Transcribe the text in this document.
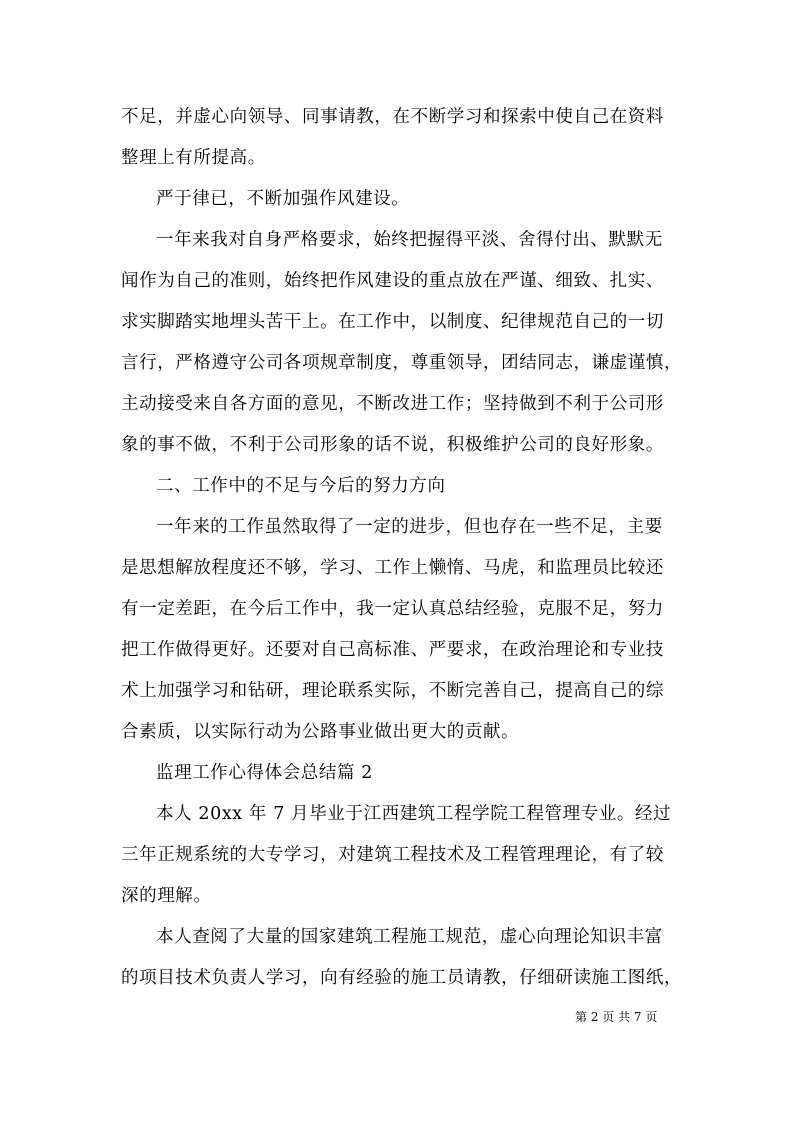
不足，并虚心向领导、同事请教，在不断学习和探索中使自己在资料
整理上有所提高。
严于律已，不断加强作风建设。
一年来我对自身严格要求，始终把握得平淡、舍得付出、默默无
闻作为自己的准则，始终把作风建设的重点放在严谨、细致、扎实、
求实脚踏实地埋头苦干上。在工作中，以制度、纪律规范自己的一切
言行，严格遵守公司各项规章制度，尊重领导，团结同志，谦虚谨慎，
主动接受来自各方面的意见，不断改进工作；坚持做到不利于公司形
象的事不做，不利于公司形象的话不说，积极维护公司的良好形象。
二、工作中的不足与今后的努力方向
一年来的工作虽然取得了一定的进步，但也存在一些不足，主要
是思想解放程度还不够，学习、工作上懒惰、马虎，和监理员比较还
有一定差距，在今后工作中，我一定认真总结经验，克服不足，努力
把工作做得更好。还要对自己高标准、严要求，在政治理论和专业技
术上加强学习和钻研，理论联系实际，不断完善自己，提高自己的综
合素质，以实际行动为公路事业做出更大的贡献。
监理工作心得体会总结篇 2
本人 20xx 年 7 月毕业于江西建筑工程学院工程管理专业。经过
三年正规系统的大专学习，对建筑工程技术及工程管理理论，有了较
深的理解。
本人查阅了大量的国家建筑工程施工规范，虚心向理论知识丰富
的项目技术负责人学习，向有经验的施工员请教，仔细研读施工图纸，
第 2 页 共 7 页
